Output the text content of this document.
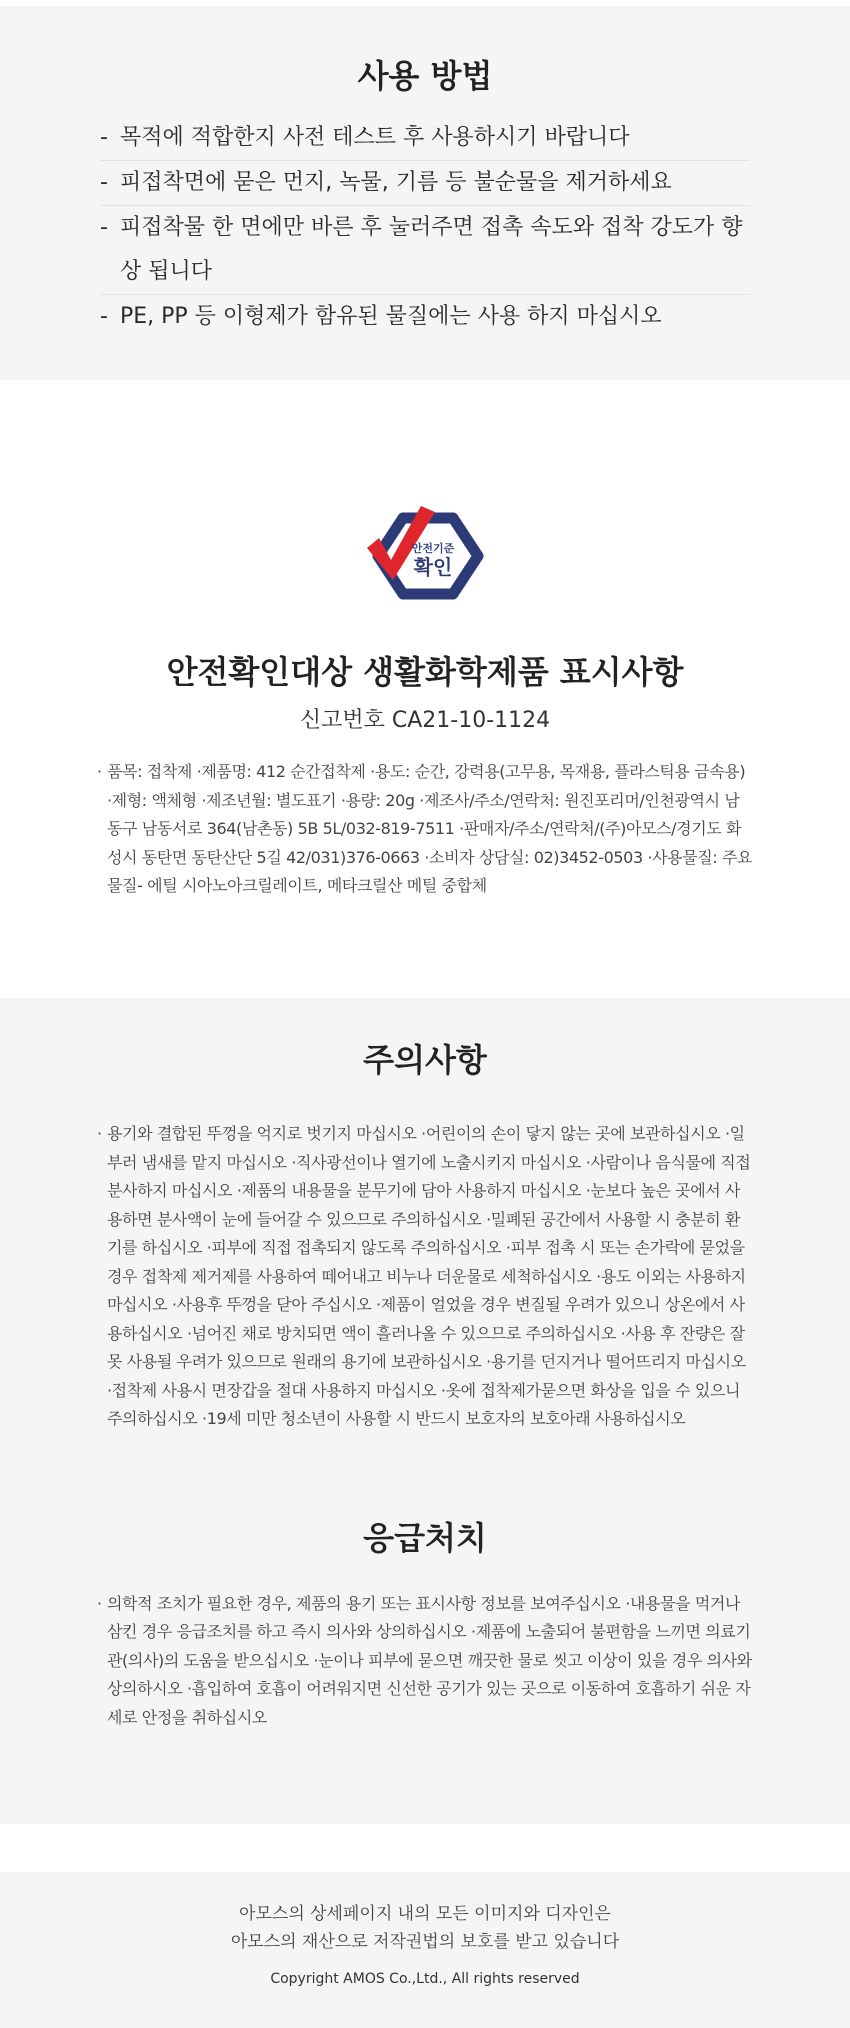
사용 방법
- 목적에 적합한지 사전 테스트 후 사용하시기 바랍니다
- 피접착면에 묻은 먼지, 녹물, 기름 등 불순물을 제거하세요
- 피접착물 한 면에만 바른 후 눌러주면 접촉 속도와 접착 강도가 향상 됩니다
- PE, PP 등 이형제가 함유된 물질에는 사용 하지 마십시오
안전기준
확인
안전확인대상 생활화학제품 표시사항
신고번호 CA21-10-1124
· 품목: 접착제 ·제품명: 412 순간접착제 ·용도: 순간, 강력용(고무용, 목재용, 플라스틱용 금속용) ·제형: 액체형 ·제조년월: 별도표기 ·용량: 20g ·제조사/주소/연락처: 원진포리머/인천광역시 남동구 남동서로 364(남촌동) 5B 5L/032-819-7511 ·판매자/주소/연락처/(주)아모스/경기도 화성시 동탄면 동탄산단 5길 42/031)376-0663 ·소비자 상담실: 02)3452-0503 ·사용물질: 주요물질- 에틸 시아노아크릴레이트, 메타크릴산 메틸 중합체
주의사항
· 용기와 결합된 뚜껑을 억지로 벗기지 마십시오 ·어린이의 손이 닿지 않는 곳에 보관하십시오 ·일부러 냄새를 맡지 마십시오 ·직사광선이나 열기에 노출시키지 마십시오 ·사람이나 음식물에 직접 분사하지 마십시오 ·제품의 내용물을 분무기에 담아 사용하지 마십시오 ·눈보다 높은 곳에서 사용하면 분사액이 눈에 들어갈 수 있으므로 주의하십시오 ·밀폐된 공간에서 사용할 시 충분히 환기를 하십시오 ·피부에 직접 접촉되지 않도록 주의하십시오 ·피부 접촉 시 또는 손가락에 묻었을 경우 접착제 제거제를 사용하여 떼어내고 비누나 더운물로 세척하십시오 ·용도 이외는 사용하지 마십시오 ·사용후 뚜껑을 닫아 주십시오 ·제품이 얼었을 경우 변질될 우려가 있으니 상온에서 사용하십시오 ·넘어진 채로 방치되면 액이 흘러나올 수 있으므로 주의하십시오 ·사용 후 잔량은 잘못 사용될 우려가 있으므로 원래의 용기에 보관하십시오 ·용기를 던지거나 떨어뜨리지 마십시오 ·접착제 사용시 면장갑을 절대 사용하지 마십시오 ·옷에 접착제가묻으면 화상을 입을 수 있으니 주의하십시오 ·19세 미만 청소년이 사용할 시 반드시 보호자의 보호아래 사용하십시오
응급처치
· 의학적 조치가 필요한 경우, 제품의 용기 또는 표시사항 정보를 보여주십시오 ·내용물을 먹거나 삼킨 경우 응급조치를 하고 즉시 의사와 상의하십시오 ·제품에 노출되어 불편함을 느끼면 의료기관(의사)의 도움을 받으십시오 ·눈이나 피부에 묻으면 깨끗한 물로 씻고 이상이 있을 경우 의사와 상의하시오 ·흡입하여 호흡이 어려워지면 신선한 공기가 있는 곳으로 이동하여 호흡하기 쉬운 자세로 안정을 취하십시오
아모스의 상세페이지 내의 모든 이미지와 디자인은
아모스의 재산으로 저작권법의 보호를 받고 있습니다
Copyright AMOS Co.,Ltd., All rights reserved
